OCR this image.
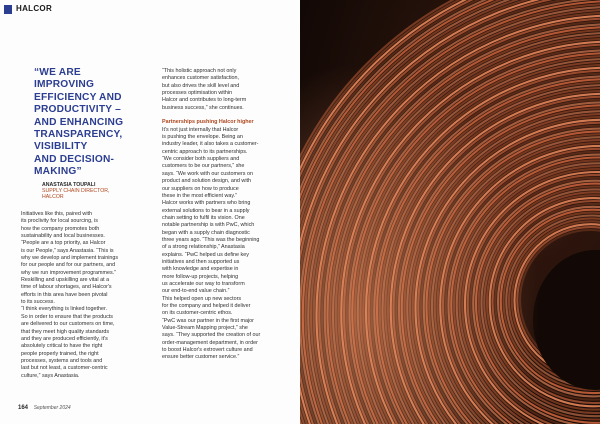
HALCOR
“WE ARE
IMPROVING
EFFICIENCY AND
PRODUCTIVITY –
AND ENHANCING
TRANSPARENCY,
VISIBILITY
AND DECISION-
MAKING”
ANASTASIA TOUPALI
SUPPLY CHAIN DIRECTOR,
HALCOR
Initiatives like this, paired with
its proclivity for local sourcing, is
how the company promotes both
sustainability and local businesses.
“People are a top priority, as Halcor
is our People,” says Anastasia. “This is
why we develop and implement trainings
for our people and for our partners, and
why we run improvement programmes.”
Reskilling and upskilling are vital at a
time of labour shortages, and Halcor's
efforts in this area have been pivotal
to its success.
“I think everything is linked together.
So in order to ensure that the products
are delivered to our customers on time,
that they meet high quality standards
and they are produced efficiently, it's
absolutely critical to have the right
people properly trained, the right
processes, systems and tools and
last but not least, a customer-centric
culture,” says Anastasia.
“This holistic approach not only
enhances customer satisfaction,
but also drives the skill level and
processes optimisation within
Halcor and contributes to long-term
business success,” she continues.

Partnerships pushing Halcor higher
It's not just internally that Halcor
is pushing the envelope. Being an
industry leader, it also takes a customer-
centric approach to its partnerships.
“We consider both suppliers and
customers to be our partners,” she
says. “We work with our customers on
product and solution design, and with
our suppliers on how to produce
these in the most efficient way.”
Halcor works with partners who bring
external solutions to bear in a supply
chain setting to fulfil its vision. One
notable partnership is with PwC, which
began with a supply chain diagnostic
three years ago. “This was the beginning
of a strong relationship,” Anastasia
explains. “PwC helped us define key
initiatives and then supported us
with knowledge and expertise in
more follow-up projects, helping
us accelerate our way to transform
our end-to-end value chain.”
This helped open up new sectors
for the company and helped it deliver
on its customer-centric ethos.
“PwC was our partner in the first major
Value-Stream Mapping project,” she
says. “They supported the creation of our
order-management department, in order
to boost Halcor's extrovert culture and
ensure better customer service.”
164 September 2024
